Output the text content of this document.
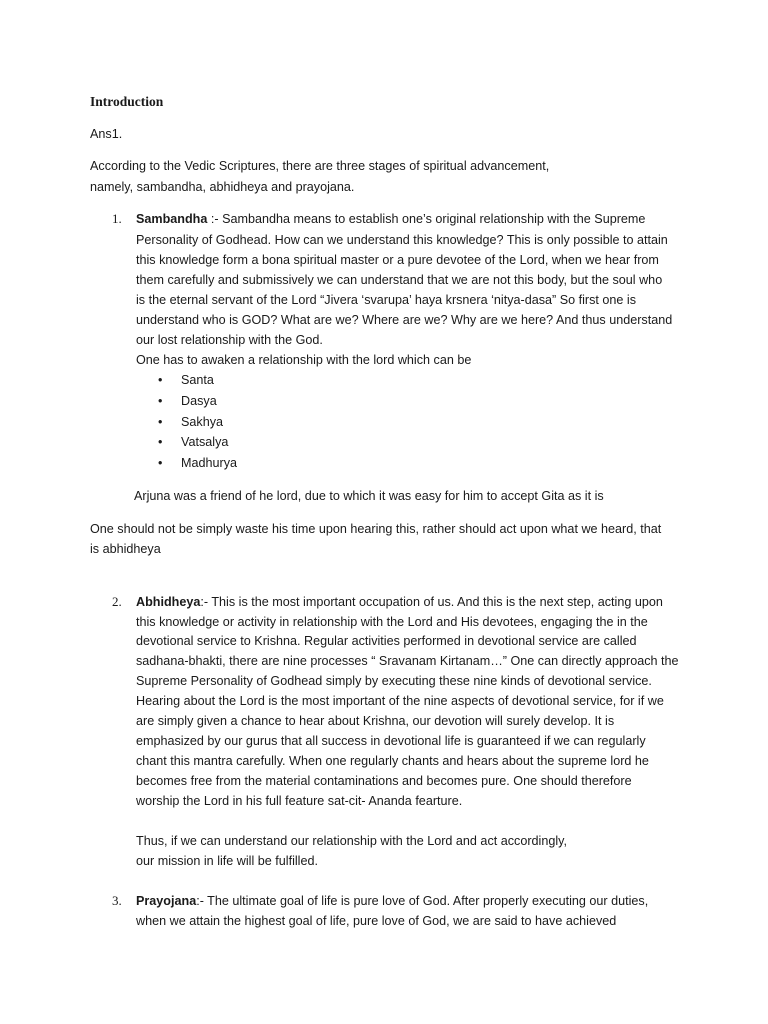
Introduction

Ans1.

According to the Vedic Scriptures, there are three stages of spiritual advancement,

namely, sambandha, abhidheya and prayojana.

1. Sambandha :- Sambandha means to establish one’s original relationship with the Supreme

Personality of Godhead. How can we understand this knowledge? This is only possible to attain

this knowledge form a bona spiritual master or a pure devotee of the Lord, when we hear from

them carefully and submissively we can understand that we are not this body, but the soul who

is the eternal servant of the Lord “Jivera ‘svarupa’ haya krsnera ‘nitya-dasa” So first one is

understand who is GOD? What are we? Where are we? Why are we here? And thus understand

our lost relationship with the God.

One has to awaken a relationship with the lord which can be

• Santa

• Dasya

• Sakhya

• Vatsalya

• Madhurya

Arjuna was a friend of he lord, due to which it was easy for him to accept Gita as it is

One should not be simply waste his time upon hearing this, rather should act upon what we heard, that

is abhidheya

2. Abhidheya:- This is the most important occupation of us. And this is the next step, acting upon

this knowledge or activity in relationship with the Lord and His devotees, engaging the in the

devotional service to Krishna. Regular activities performed in devotional service are called

sadhana-bhakti, there are nine processes “ Sravanam Kirtanam…” One can directly approach the

Supreme Personality of Godhead simply by executing these nine kinds of devotional service.

Hearing about the Lord is the most important of the nine aspects of devotional service, for if we

are simply given a chance to hear about Krishna, our devotion will surely develop. It is

emphasized by our gurus that all success in devotional life is guaranteed if we can regularly

chant this mantra carefully. When one regularly chants and hears about the supreme lord he

becomes free from the material contaminations and becomes pure. One should therefore

worship the Lord in his full feature sat-cit- Ananda fearture.

Thus, if we can understand our relationship with the Lord and act accordingly,

our mission in life will be fulfilled.

3. Prayojana:- The ultimate goal of life is pure love of God. After properly executing our duties,

when we attain the highest goal of life, pure love of God, we are said to have achieved
